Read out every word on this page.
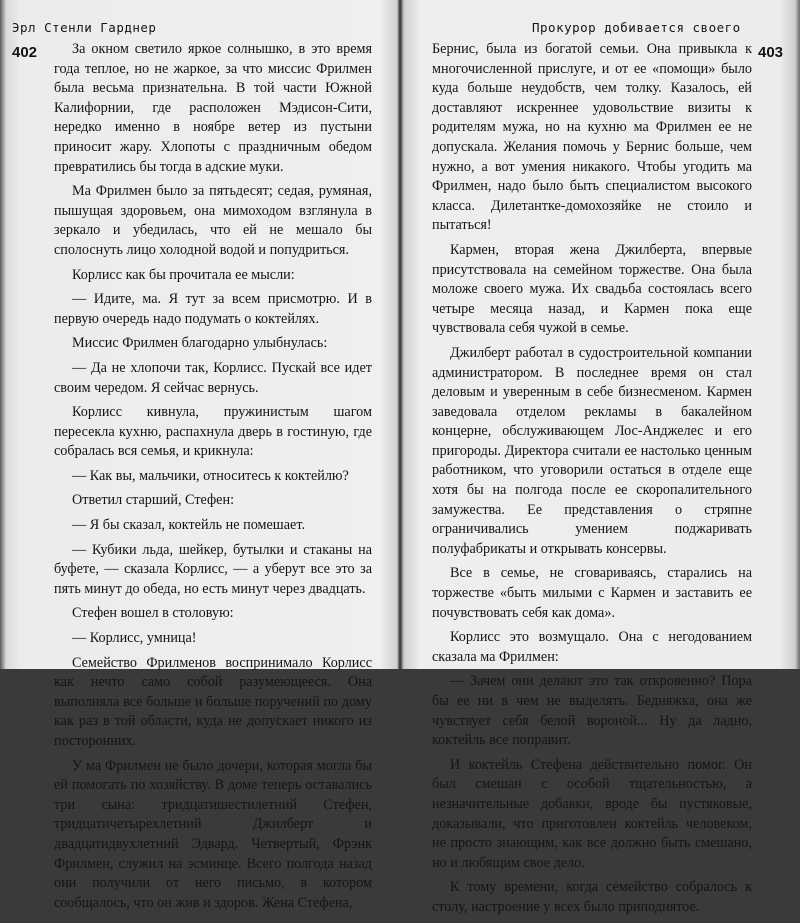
Эрл Стенли Гарднер
402	За окном светило яркое солнышко, в это время года теплое, но не жаркое, за что миссис Фрилмен была весьма признательна. В той части Южной Калифорнии, где расположен Мэдисон-Сити, нередко именно в ноябре ветер из пустыни приносит жару. Хлопоты с праздничным обедом превратились бы тогда в адские муки.

Ма Фрилмен было за пятьдесят; седая, румяная, пышущая здоровьем, она мимоходом взглянула в зеркало и убедилась, что ей не мешало бы сполоснуть лицо холодной водой и попудриться.

Корлисс как бы прочитала ее мысли:

— Идите, ма. Я тут за всем присмотрю. И в первую очередь надо подумать о коктейлях.

Миссис Фрилмен благодарно улыбнулась:

— Да не хлопочи так, Корлисс. Пускай все идет своим чередом. Я сейчас вернусь.

Корлисс кивнула, пружинистым шагом пересекла кухню, распахнула дверь в гостиную, где собралась вся семья, и крикнула:

— Как вы, мальчики, относитесь к коктейлю?

Ответил старший, Стефен:

— Я бы сказал, коктейль не помешает.

— Кубики льда, шейкер, бутылки и стаканы на буфете, — сказала Корлисс, — а уберут все это за пять минут до обеда, но есть минут через двадцать.

Стефен вошел в столовую:

— Корлисс, умница!

Семейство Фрилменов воспринимало Корлисс как нечто само собой разумеющееся. Она выполняла все больше и больше поручений по дому как раз в той области, куда не допускает никого из посторонних.

У ма Фрилмен не было дочери, которая могла бы ей помогать по хозяйству. В доме теперь оставались три сына: тридцатишестилетний Стефен, тридцатичетырехлетний Джилберт и двадцатидвухлетний Эдвард. Четвертый, Фрэнк Фрилмен, служил на эсминце. Всего полгода назад они получили от него письмо, в котором сообщалось, что он жив и здоров. Жена Стефена,

Прокурор добивается своего
403

Бернис, была из богатой семьи. Она привыкла к многочисленной прислуге, и от ее «помощи» было куда больше неудобств, чем толку. Казалось, ей доставляют искреннее удовольствие визиты к родителям мужа, но на кухню ма Фрилмен ее не допускала. Желания помочь у Бернис больше, чем нужно, а вот умения никакого. Чтобы угодить ма Фрилмен, надо было быть специалистом высокого класса. Дилетантке-домохозяйке не стоило и пытаться!

Кармен, вторая жена Джилберта, впервые присутствовала на семейном торжестве. Она была моложе своего мужа. Их свадьба состоялась всего четыре месяца назад, и Кармен пока еще чувствовала себя чужой в семье.

Джилберт работал в судостроительной компании администратором. В последнее время он стал деловым и уверенным в себе бизнесменом. Кармен заведовала отделом рекламы в бакалейном концерне, обслуживающем Лос-Анджелес и его пригороды. Директора считали ее настолько ценным работником, что уговорили остаться в отделе еще хотя бы на полгода после ее скоропалительного замужества. Ее представления о стряпне ограничивались умением поджаривать полуфабрикаты и открывать консервы.

Все в семье, не сговариваясь, старались на торжестве «быть милыми с Кармен и заставить ее почувствовать себя как дома».

Корлисс это возмущало. Она с негодованием сказала ма Фрилмен:

— Зачем они делают это так откровенно? Пора бы ее ни в чем не выделять. Бедняжка, она же чувствует себя белой вороной... Ну да ладно, коктейль все поправит.

И коктейль Стефена действительно помог. Он был смешан с особой тщательностью, а незначительные добавки, вроде бы пустяковые, доказывали, что приготовлен коктейль человеком, не просто знающим, как все должно быть смешано, но и любящим свое дело.

К тому времени, когда семейство собралось к столу, настроение у всех было приподнятое.
